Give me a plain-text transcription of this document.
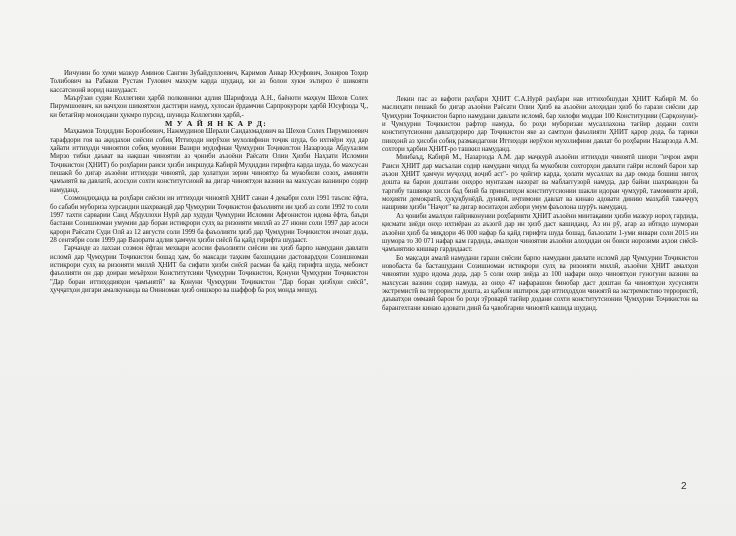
Иичунин бо хуми мазкур Аминов Сангин Зубайдуллоевич, Каримов Анвар Юсуфович, Зокиров Тоҳир Толибович ва Рабаков Рустам Гулович махкум карда шуданд, ки аз болои хукм эътироз ё шикояти кассатсионй ворид нашудааст.

Маърӯзаи судяи Коллегияи ҳарбӣ полковники адлия Шарифзода А.Н., баёноти маҳкум Шехов Солех Пирумшоевич, ки вачҳхои шикоятхои дастгири намуд, хулосаи ёрдамчии Сарпрокурори ҳарбӣ Юсуфзода Ҷ., ки бетағйир монондани ҳукмро пурсид, шунида Коллегияи ҳарбӣ,-

М У А Й Я Н К А Р Д:

Маҳкамов Тоҳиддин Боронбоевич, Нажмудинов Шерали Саидахмадович ва Шехов Солех Пирумшоевич тарафдори гоя ва ақидахои сиёсии собиқ Иттиҳоди нерӯхои мухолифини тоҷик шуда, бо ихтиёри худ дар ҳайати иттиҳоди чиноятии собиқ муовини Вазири мудофиаи Ҷумҳурии Тоҷикистон Назарзода Абдухалим Мирзо тибки даъват ва нақшаи чиноятии аз ҷониби аъзоёни Раёсати Олии Ҳизби Наҳзати Исломии Тоҷикистон (ҲНИТ) бо роҳбарии раиси ҳизби зикршуда Кабирӣ Муҳиддин гирифта карда шуда, бо махсусан пешакӣ бо дигар аъзоёни иттиҳоди чиноятӣ, дар ҳолатҳои зерин чиноятҳо ба мукобили созоҳ, амнияти ҷамъиятӣ ва давлатӣ, асосҳои сохти конститутсионӣ ва дигар чиноятҳои вазнин ва махсусан вазнинро содир намуданд.

Созмондиҳанда ва роҳбари сиёсии ин иттиҳоди чиноятӣ ҲНИТ санаи 4 декабри соли 1991 таъсис ёфта, бо сабаби мубориза хурсандии шахрвандӣ дар Ҷумҳурии Тоҷикистон фаъолияти ин ҳизб аз соли 1992 то соли 1997 тахти сарварии Саид Абдуллохи Нурӣ дар худуди Ҷумҳурии Исломии Афғонистон идома ёфта, баъди бастани Созишномаи умумии дар бораи истиқрори сулҳ ва ризоияти миллӣ аз 27 июни соли 1997 дар асоси қарори Раёсати Суди Олӣ аз 12 августи соли 1999 ба фаъолияти ҳизб дар Ҷумҳурии Тоҷикистон ичозат дода, 28 сентябри соли 1999 дар Вазорати адлия ҳамчун ҳизби сиёсӣ ба қайд гирифта шудааст.

Гарчанде аз лахзаи созмон ёфтан мехвари асосии фаъолияти сиёсии ин ҳизб барпо намудани давлати исломӣ дар Ҷумҳурии Тоҷикистон бошад ҳам, бо максади таҳким бахшидани дастовардҳои Созишномаи истиқрори сулҳ ва ризоияти миллӣ ҲНИТ ба сифати ҳизби сиёсӣ расман ба қайд гирифта шуда, мебоист фаъолияти он дар доираи меъёрхои Конститутсияи Ҷумҳурии Тоҷикистон, Қонуни Ҷумҳурии Тоҷикистон "Дар бораи иттиҳодияҳои ҷамъиятӣ" ва Қонуни Ҷумҳурии Тоҷикистон "Дар бораи ҳизбҳои сиёсӣ", ҳуҷҷатҳои дигари амалкунанда ва Оинномаи ҳизб оишкоро ва шаффоф ба роҳ монда мешуд.

Лекин пас аз вафоти раҳбари ҲНИТ С.А.Нурӣ раҳбари нав иттихобшудаи ҲНИТ Кабирӣ М. бо маслиҳати пешакӣ бо дигар аъзоёни Раёсати Олии Ҳизб ва аъзоёни алоҳидаи ҳизб бо гарази сиёсии дар Ҷумҳурии Тоҷикистон барпо намудани давлати исломӣ, бар хилофи моддаи 100 Конституцияи (Сарқонуни)-и Ҷумҳурии Тоҷикистон рафтор намуда, бо роҳи муборизаи мусаллахона тағйир додани сохти конститутсионии давлатдориро дар Тоҷикистон яке аз самтҳои фаъолияти ҲНИТ қарор дода, ба тарики пинҳонӣ аз ҳисоби собиқ размандагони Иттиҳоди нерӯхои мухолифини давлат бо роҳбарии Назарзода А.М. сохтори ҳарбии ҲНИТ-ро ташкил намуданд.

Минбаъд, Кабирӣ М., Назарзода А.М. дар маҷкурӣ аъзоёни иттиҳоди чиноятӣ шиори "иҷрои амри Раиси ҲНИТ дар масъалаи содир намудани чиҳод ба мукобили сохторҳои давлати гайри исломӣ барои хар аъзои ҲНИТ ҳамчун муҷоҳид воҷиб аст"- ро ҷойгир карда, ҳолати мусаллах ва дар омода бошиш нигоҳ дошта ва барои доштани онҳоро мунтазам назорат ва маблағгузорӣ намуда, дар байни шахрвандон ба таргибу ташвиқи хисси бад бинӣ ба принсипҳои конститутсионии шакли идораи ҷумҳурӣ, тамомияти арзӣ, моҳияти демократӣ, ҳуқуқбунёдӣ, дунявӣ, иҷтимоии давлат ва кинаю адовати динию мазҳабӣ таваҷҷуҳ нашрияи ҳизби "Наҷот" ва дигар воситаҳои ахбори умум фаъолона шурӯъ намуданд.

Аз ҷониби амалҳои ғайриконунии роҳбарияти ҲНИТ аъзоёни минтақавии ҳизби мазкур нороҳ гардида, қисмати зиёди онҳо ихтиёран аз аъзогӣ дар ин ҳизб даст кашиданд. Аз ин рӯ, агар аз ибтидо шумораи аъзоёни ҳизб ба миқдори 46 000 нафар ба қайд гирифта шуда бошад, баъзолати 1-уми январи соли 2015 ин шумора то 30 071 нафар кам гардида, амалҳои чиноятии аъзоёни алоҳидаи он боиси норозими аҳзои сиёсӣ-ҷамъиятию кишвар гардидааст.

Бо мақсади амалӣ намудани гарази сиёсии барпо намудани давлати исломӣ дар Ҷумҳурии Тоҷикистон новобаста ба басташудани Созишномаи истиқрори сулҳ ва ризоияти миллӣ, аъзоёни ҲНИТ амалҳои чиноятии худро идома дода, дар 5 соли охир зиёда аз 100 нафари онҳо чиноятҳои гуногуни вазнин ва махсусан вазнин содир намуда, аз онҳо 47 нафарашон бинобар даст доштан ба чиноятҳои хусусияти экстремистӣ ва террористи дошта, аз қабили иштирок дар иттиҳодҳои чиноятӣ ва экстремистию террористӣ, даъватҳои оммавӣ барои бо роҳи зӯроварӣ тағйир додани сохти конститутсионии Ҷумҳурии Тоҷикистон ва барангехтани кинаю адовати динӣ ба ҷавобгарии чиноятӣ кашида шуданд.

2
